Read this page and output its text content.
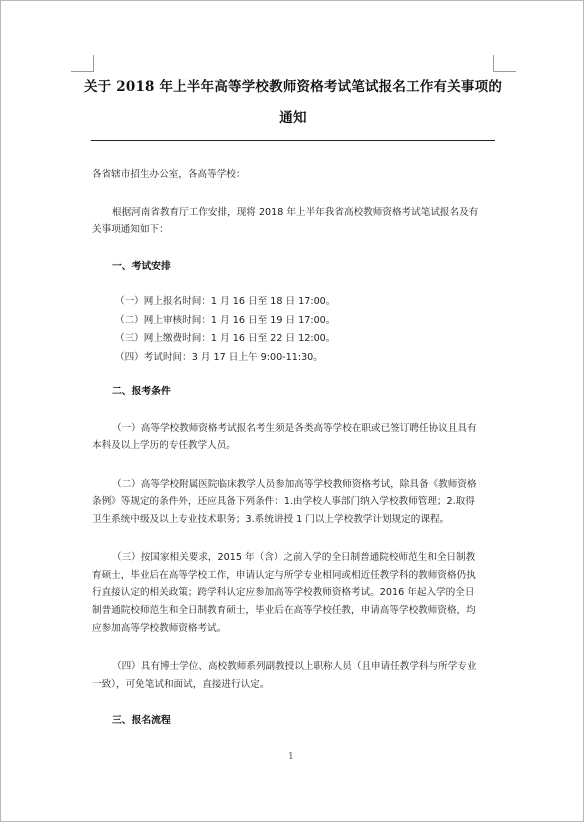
关于 2018 年上半年高等学校教师资格考试笔试报名工作有关事项的
通知
各省辖市招生办公室，各高等学校：
根据河南省教育厅工作安排，现将 2018 年上半年我省高校教师资格考试笔试报名及有
关事项通知如下：
一、考试安排
（一）网上报名时间：1 月 16 日至 18 日 17:00。
（二）网上审核时间：1 月 16 日至 19 日 17:00。
（三）网上缴费时间：1 月 16 日至 22 日 12:00。
（四）考试时间：3 月 17 日上午 9:00-11:30。
二、报考条件
（一）高等学校教师资格考试报名考生须是各类高等学校在职或已签订聘任协议且具有
本科及以上学历的专任教学人员。
（二）高等学校附属医院临床教学人员参加高等学校教师资格考试，除具备《教师资格
条例》等规定的条件外，还应具备下列条件：1.由学校人事部门纳入学校教师管理；2.取得
卫生系统中级及以上专业技术职务；3.系统讲授 1 门以上学校教学计划规定的课程。
（三）按国家相关要求，2015 年（含）之前入学的全日制普通院校师范生和全日制教
育硕士，毕业后在高等学校工作，申请认定与所学专业相同或相近任教学科的教师资格仍执
行直接认定的相关政策；跨学科认定应参加高等学校教师资格考试。2016 年起入学的全日
制普通院校师范生和全日制教育硕士，毕业后在高等学校任教，申请高等学校教师资格，均
应参加高等学校教师资格考试。
（四）具有博士学位、高校教师系列副教授以上职称人员（且申请任教学科与所学专业
一致），可免笔试和面试，直接进行认定。
三、报名流程
1
